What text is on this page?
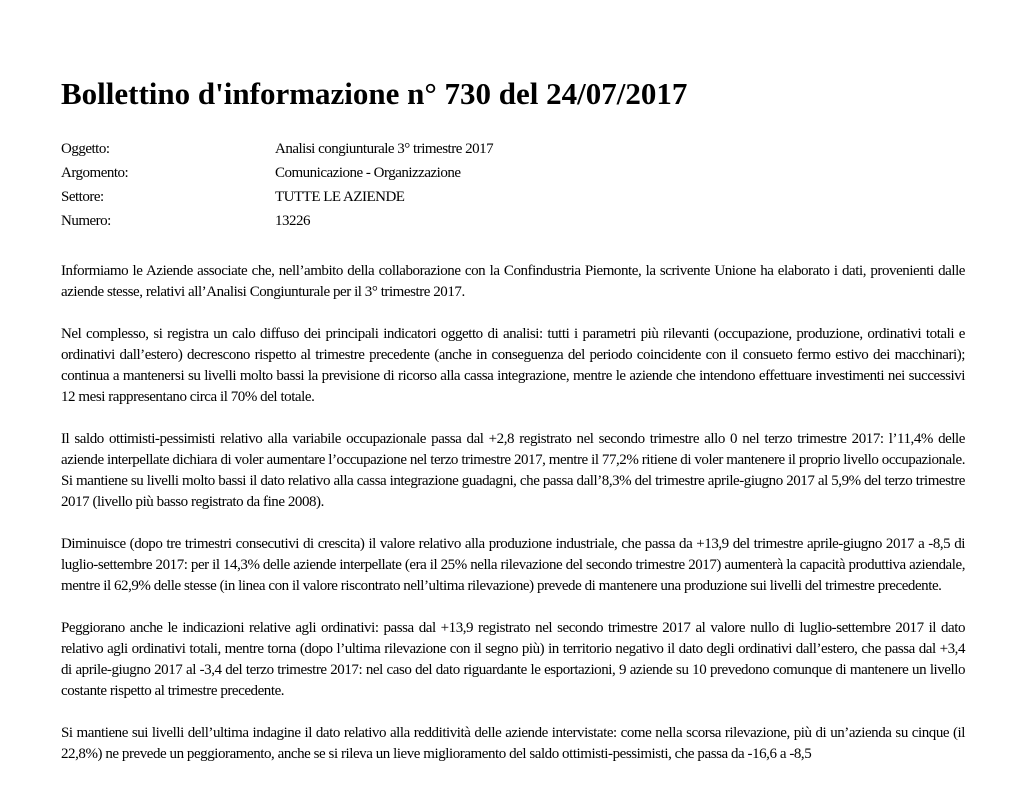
Bollettino d'informazione n° 730 del 24/07/2017
Oggetto:	Analisi congiunturale 3° trimestre 2017
Argomento:	Comunicazione - Organizzazione
Settore:	TUTTE LE AZIENDE
Numero:	13226

Informiamo le Aziende associate che, nell’ambito della collaborazione con la Confindustria Piemonte, la scrivente Unione ha elaborato i dati, provenienti dalle aziende stesse, relativi all’Analisi Congiunturale per il 3° trimestre 2017.

Nel complesso, si registra un calo diffuso dei principali indicatori oggetto di analisi: tutti i parametri più rilevanti (occupazione, produzione, ordinativi totali e ordinativi dall’estero) decrescono rispetto al trimestre precedente (anche in conseguenza del periodo coincidente con il consueto fermo estivo dei macchinari); continua a mantenersi su livelli molto bassi la previsione di ricorso alla cassa integrazione, mentre le aziende che intendono effettuare investimenti nei successivi 12 mesi rappresentano circa il 70% del totale.

Il saldo ottimisti-pessimisti relativo alla variabile occupazionale passa dal +2,8 registrato nel secondo trimestre allo 0 nel terzo trimestre 2017: l’11,4% delle aziende interpellate dichiara di voler aumentare l’occupazione nel terzo trimestre 2017, mentre il 77,2% ritiene di voler mantenere il proprio livello occupazionale. Si mantiene su livelli molto bassi il dato relativo alla cassa integrazione guadagni, che passa dall’8,3% del trimestre aprile-giugno 2017 al 5,9% del terzo trimestre 2017 (livello più basso registrato da fine 2008).

Diminuisce (dopo tre trimestri consecutivi di crescita) il valore relativo alla produzione industriale, che passa da +13,9 del trimestre aprile-giugno 2017 a -8,5 di luglio-settembre 2017: per il 14,3% delle aziende interpellate (era il 25% nella rilevazione del secondo trimestre 2017) aumenterà la capacità produttiva aziendale, mentre il 62,9% delle stesse (in linea con il valore riscontrato nell’ultima rilevazione) prevede di mantenere una produzione sui livelli del trimestre precedente.

Peggiorano anche le indicazioni relative agli ordinativi: passa dal +13,9 registrato nel secondo trimestre 2017 al valore nullo di luglio-settembre 2017 il dato relativo agli ordinativi totali, mentre torna (dopo l’ultima rilevazione con il segno più) in territorio negativo il dato degli ordinativi dall’estero, che passa dal +3,4 di aprile-giugno 2017 al -3,4 del terzo trimestre 2017: nel caso del dato riguardante le esportazioni, 9 aziende su 10 prevedono comunque di mantenere un livello costante rispetto al trimestre precedente.

Si mantiene sui livelli dell’ultima indagine il dato relativo alla redditività delle aziende intervistate: come nella scorsa rilevazione, più di un’azienda su cinque (il 22,8%) ne prevede un peggioramento, anche se si rileva un lieve miglioramento del saldo ottimisti-pessimisti, che passa da -16,6 a -8,5
